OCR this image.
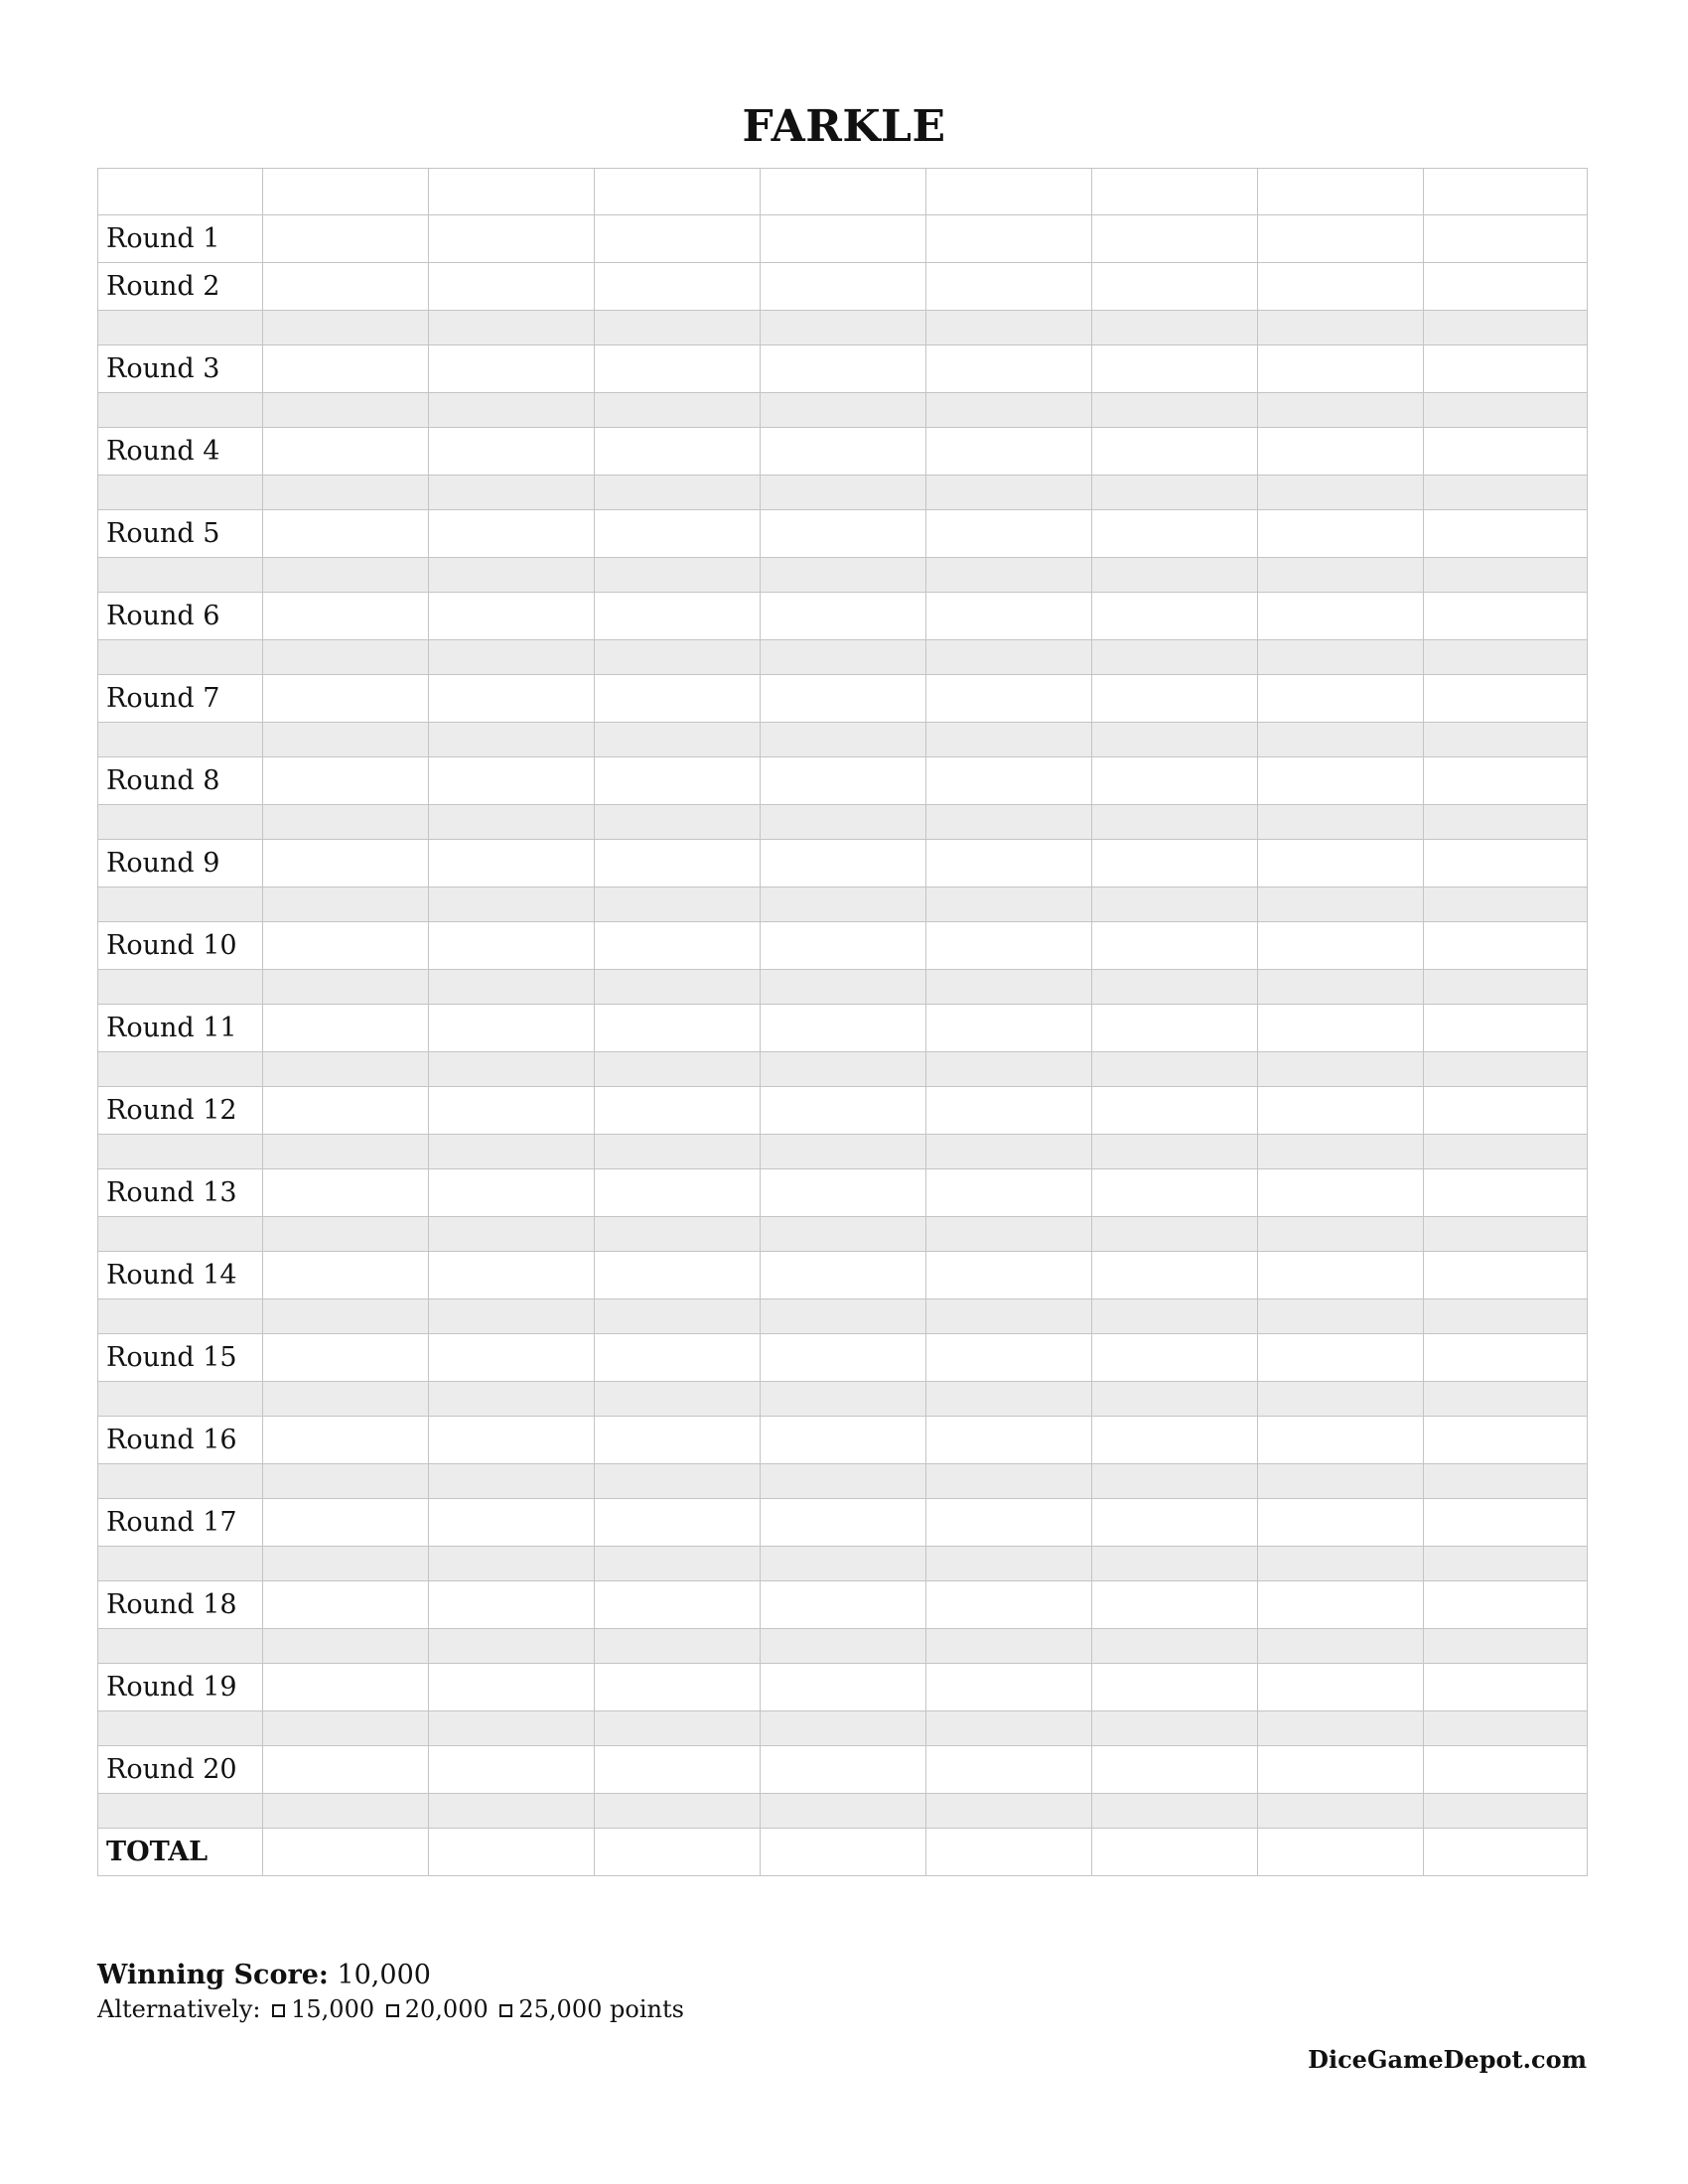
FARKLE

Round 1								
Round 2								

Round 3								

Round 4								

Round 5								

Round 6								

Round 7								

Round 8								

Round 9								

Round 10								

Round 11								

Round 12								

Round 13								

Round 14								

Round 15								

Round 16								

Round 17								

Round 18								

Round 19								

Round 20								

TOTAL								
Winning Score: 10,000
Alternatively: 15,000 20,000 25,000 points
DiceGameDepot.com
